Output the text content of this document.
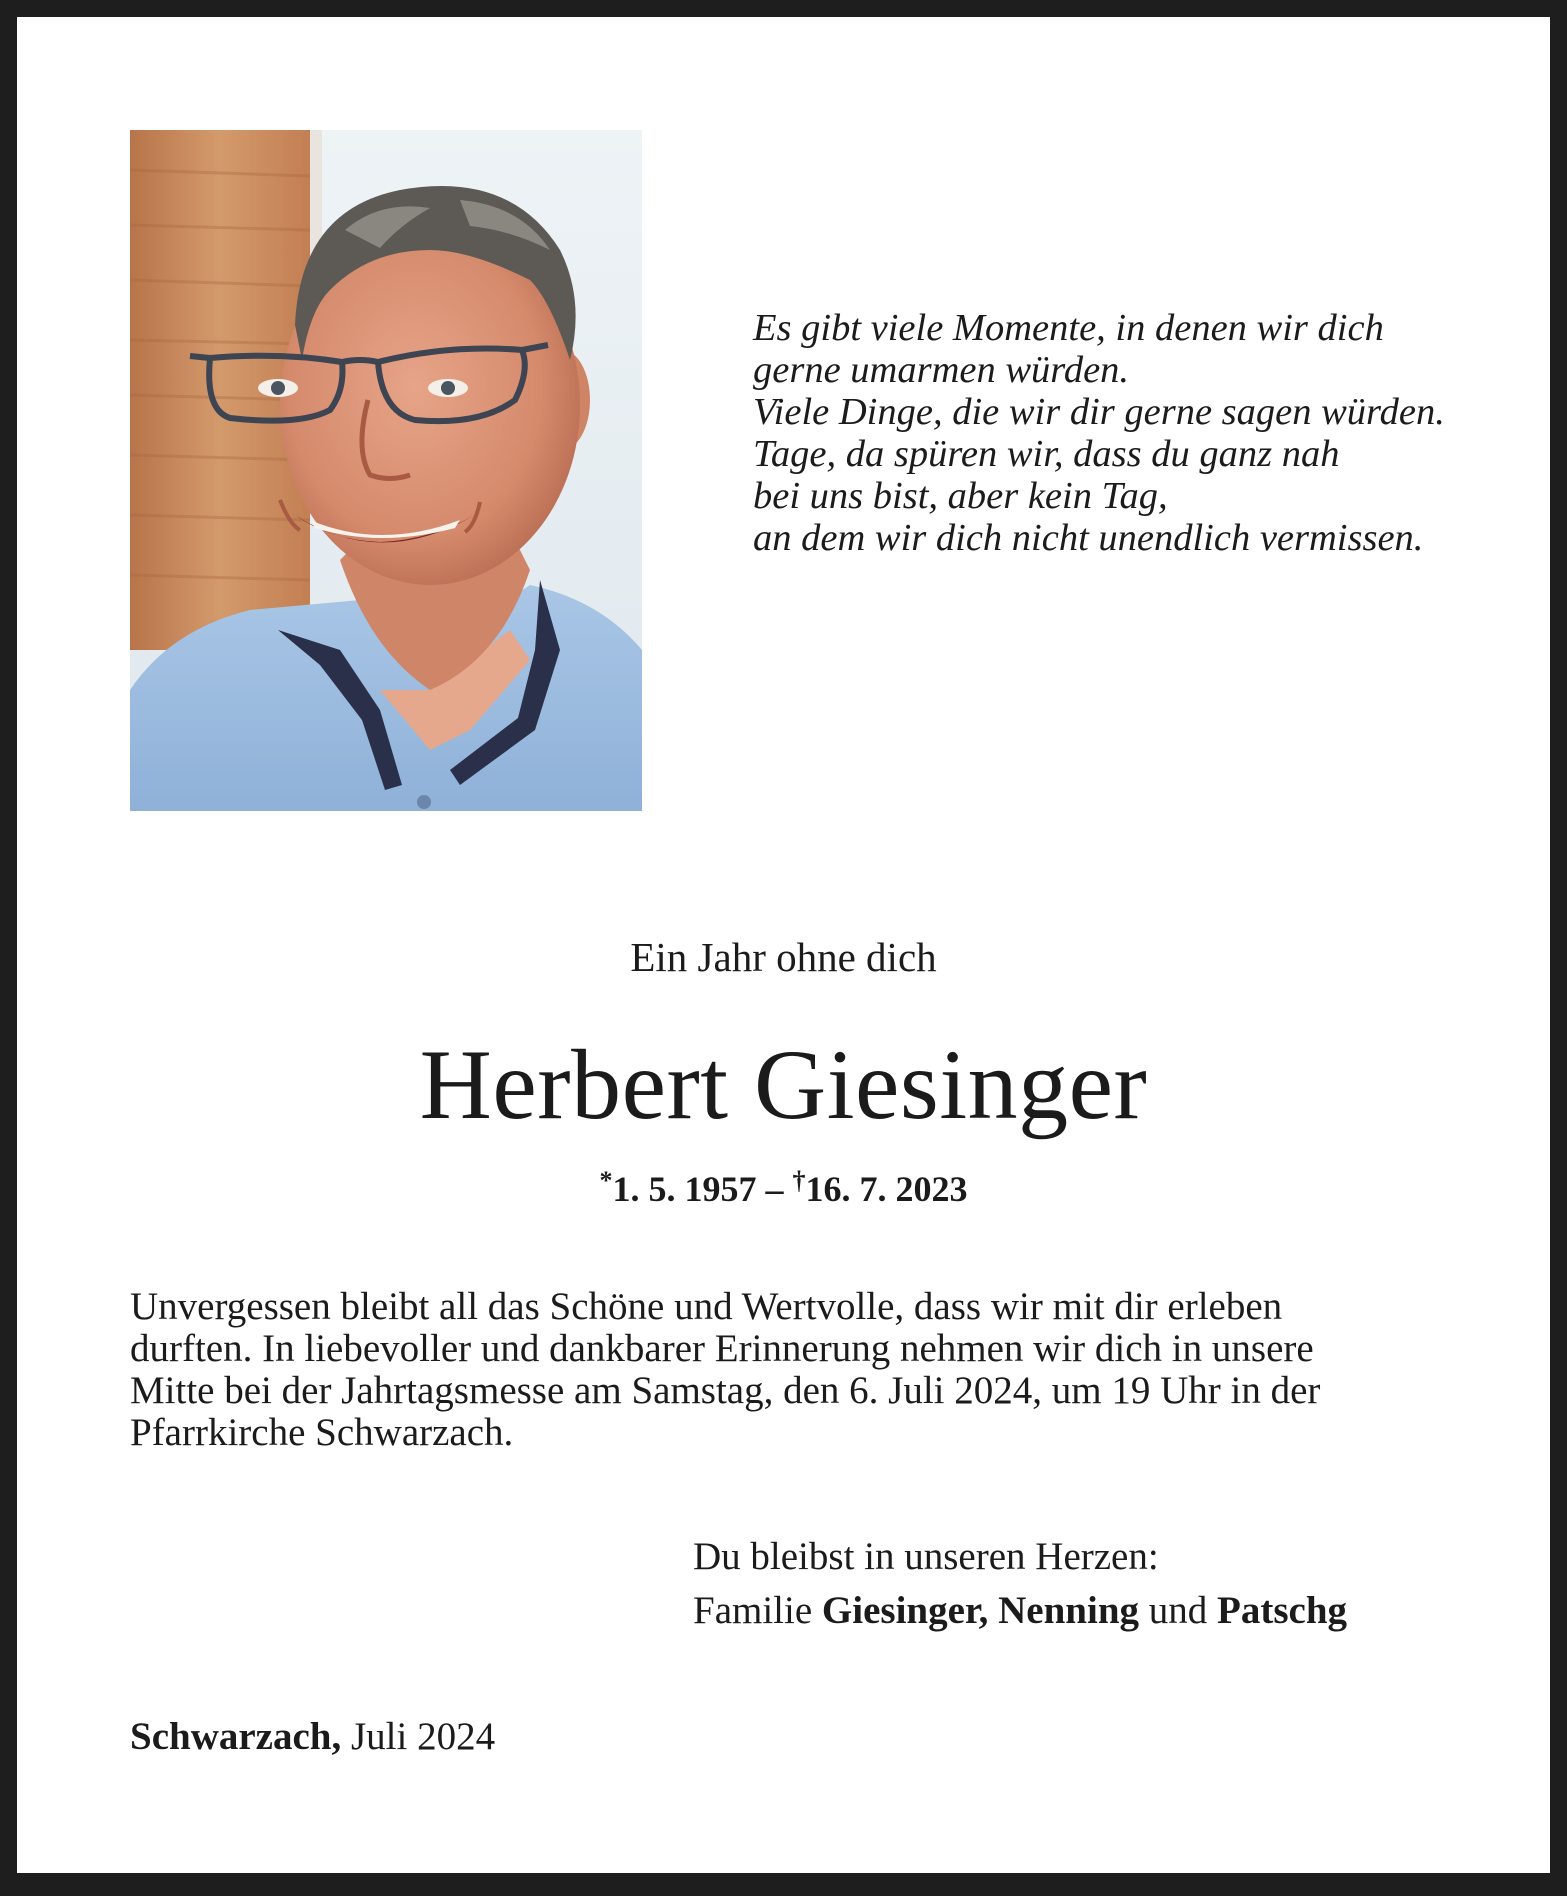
Es gibt viele Momente, in denen wir dich
gerne umarmen würden.
Viele Dinge, die wir dir gerne sagen würden.
Tage, da spüren wir, dass du ganz nah
bei uns bist, aber kein Tag,
an dem wir dich nicht unendlich vermissen.
Ein Jahr ohne dich
Herbert Giesinger
*1. 5. 1957 – †16. 7. 2023
Unvergessen bleibt all das Schöne und Wertvolle, dass wir mit dir erleben
durften. In liebevoller und dankbarer Erinnerung nehmen wir dich in unsere
Mitte bei der Jahrtagsmesse am Samstag, den 6. Juli 2024, um 19 Uhr in der
Pfarrkirche Schwarzach.
Du bleibst in unseren Herzen:
Familie Giesinger, Nenning und Patschg
Schwarzach, Juli 2024
